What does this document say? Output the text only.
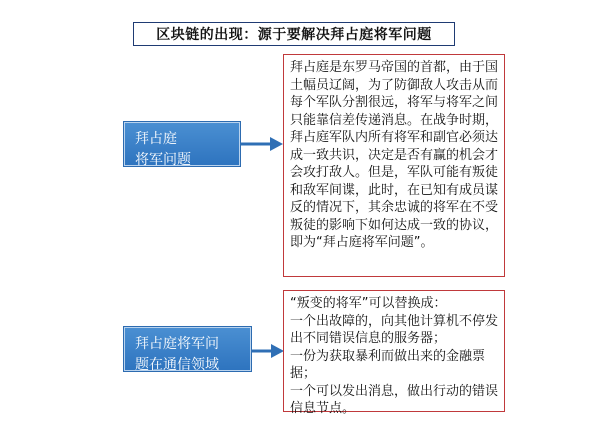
区块链的出现：源于要解决拜占庭将军问题
拜占庭
将军问题
拜占庭将军问
题在通信领域

拜占庭是东罗马帝国的首都，由于国土幅员辽阔，为了防御敌人攻击从而每个军队分割很远，将军与将军之间只能靠信差传递消息。在战争时期，拜占庭军队内所有将军和副官必须达成一致共识，决定是否有赢的机会才会攻打敌人。但是，军队可能有叛徒和敌军间谍，此时，在已知有成员谋反的情况下，其余忠诚的将军在不受叛徒的影响下如何达成一致的协议，即为“拜占庭将军问题”。

“叛变的将军”可以替换成：

一个出故障的，向其他计算机不停发出不同错误信息的服务器；

一份为获取暴利而做出来的金融票据；

一个可以发出消息，做出行动的错误信息节点。
